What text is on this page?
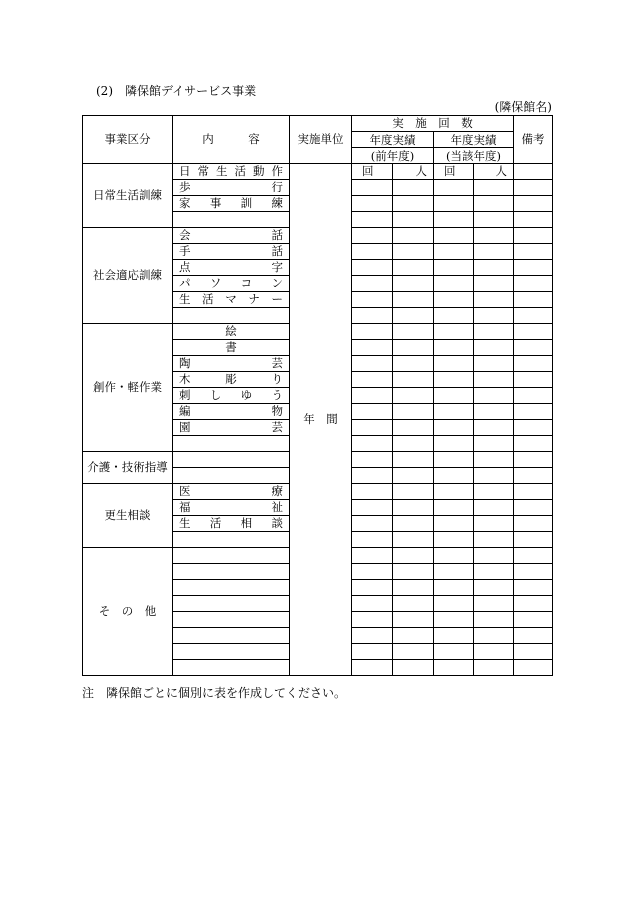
(2)　隣保館デイサービス事業
(隣保館名)
事業区分	内　　　容	実施単位	実　施　回　数				備考
			年度実績		年度実績		
			(前年度)		(当該年度)		
日常生活訓練	日常生活動作	年　間	回	人	回	人	
	歩行						
	家事訓練						

社会適応訓練	会話						
	手話						
	点字						
	パソコン						
	生活マナー						

創作・軽作業	絵						
	書						
	陶芸						
	木彫り						
	刺しゆう						
	編物						
	園芸						

介護・技術指導							

更生相談	医療						
	福祉						
	生活相談						

そ　の　他							

注　隣保館ごとに個別に表を作成してください。
